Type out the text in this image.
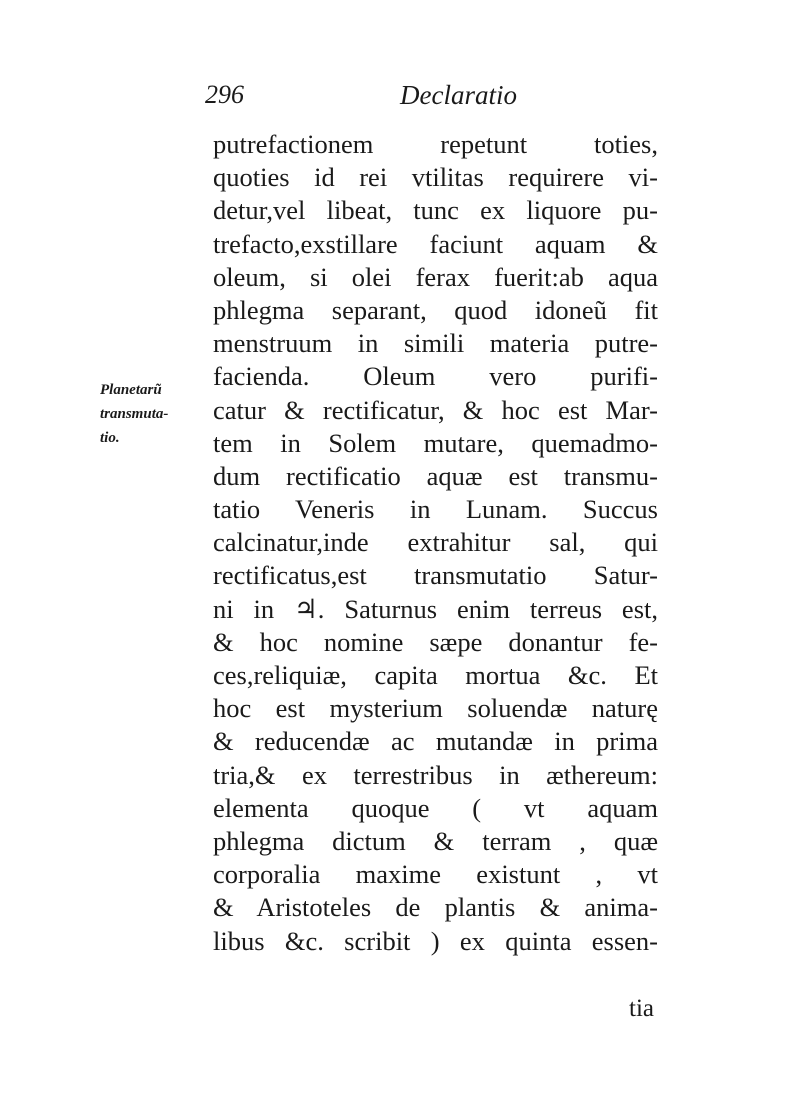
296	Declaratio
Planetarũ
transmuta-
tio.
putrefactionem repetunt toties,
quoties id rei vtilitas requirere vi-
detur,vel libeat, tunc ex liquore pu-
trefacto,exstillare faciunt aquam &
oleum, si olei ferax fuerit:ab aqua
phlegma separant, quod idoneũ fit
menstruum in simili materia putre-
facienda. Oleum vero purifi-
catur & rectificatur, & hoc est Mar-
tem in Solem mutare, quemadmo-
dum rectificatio aquæ est transmu-
tatio Veneris in Lunam. Succus
calcinatur,inde extrahitur sal, qui
rectificatus,est transmutatio Satur-
ni in ♃. Saturnus enim terreus est,
& hoc nomine sæpe donantur fe-
ces,reliquiæ, capita mortua &c. Et
hoc est mysterium soluendæ naturę
& reducendæ ac mutandæ in prima
tria,& ex terrestribus in æthereum:
elementa quoque ( vt aquam
phlegma dictum & terram , quæ
corporalia maxime existunt , vt
& Aristoteles de plantis & anima-
libus &c. scribit ) ex quinta essen-
tia
